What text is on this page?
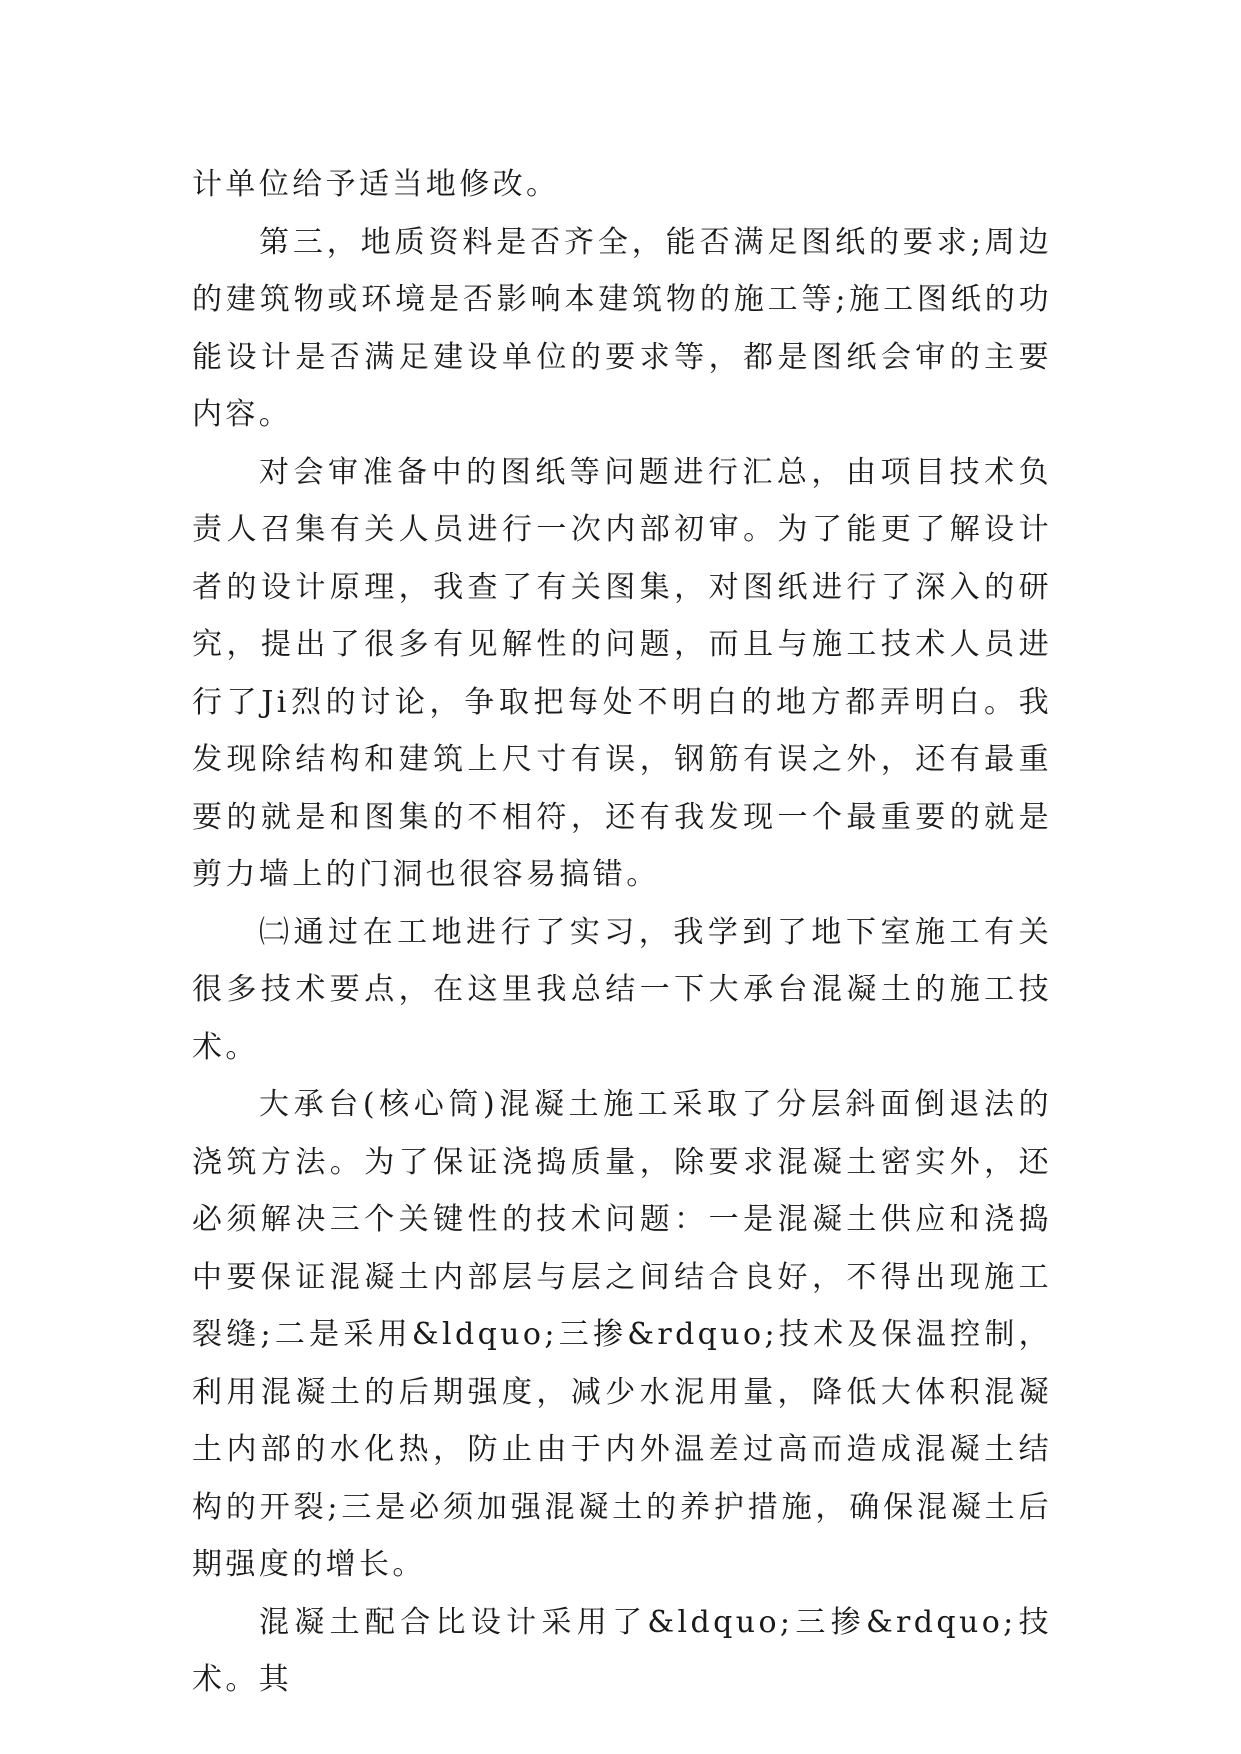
计单位给予适当地修改。

第三，地质资料是否齐全，能否满足图纸的要求;周边的建筑物或环境是否影响本建筑物的施工等;施工图纸的功能设计是否满足建设单位的要求等，都是图纸会审的主要内容。

对会审准备中的图纸等问题进行汇总，由项目技术负责人召集有关人员进行一次内部初审。为了能更了解设计者的设计原理，我查了有关图集，对图纸进行了深入的研究，提出了很多有见解性的问题，而且与施工技术人员进行了Ji烈的讨论，争取把每处不明白的地方都弄明白。我发现除结构和建筑上尺寸有误，钢筋有误之外，还有最重要的就是和图集的不相符，还有我发现一个最重要的就是剪力墙上的门洞也很容易搞错。

㈡通过在工地进行了实习，我学到了地下室施工有关很多技术要点，在这里我总结一下大承台混凝土的施工技术。

大承台(核心筒)混凝土施工采取了分层斜面倒退法的浇筑方法。为了保证浇捣质量，除要求混凝土密实外，还必须解决三个关键性的技术问题：一是混凝土供应和浇捣中要保证混凝土内部层与层之间结合良好，不得出现施工裂缝;二是采用&ldquo;三掺&rdquo;技术及保温控制，利用混凝土的后期强度，减少水泥用量，降低大体积混凝土内部的水化热，防止由于内外温差过高而造成混凝土结构的开裂;三是必须加强混凝土的养护措施，确保混凝土后期强度的增长。

混凝土配合比设计采用了&ldquo;三掺&rdquo;技术。其
